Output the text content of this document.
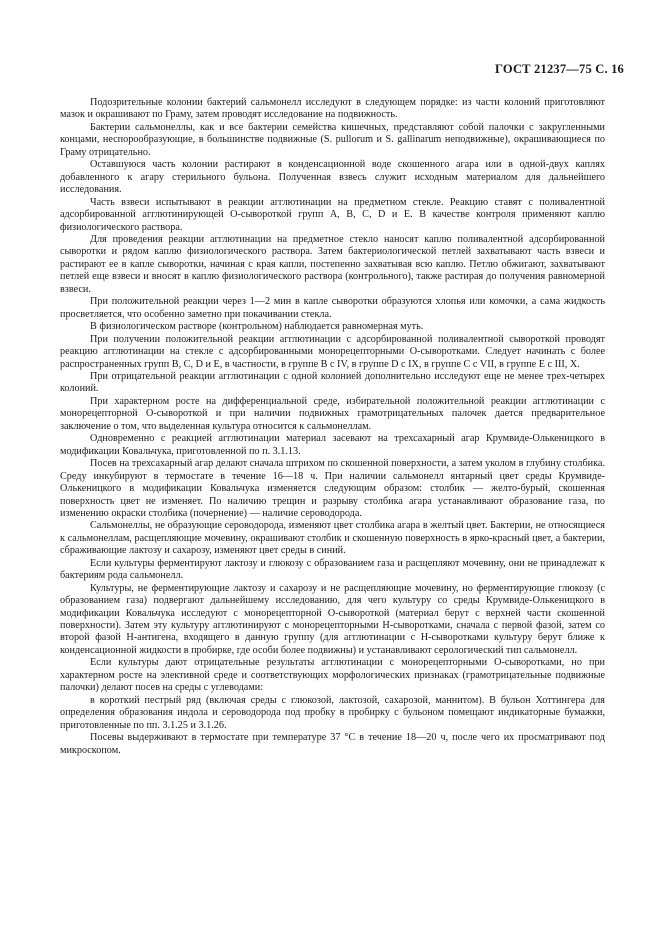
ГОСТ 21237—75 С. 16

Подозрительные колонии бактерий сальмонелл исследуют в следующем порядке: из части колоний приготовляют мазок и окрашивают по Граму, затем проводят исследование на подвижность.

Бактерии сальмонеллы, как и все бактерии семейства кишечных, представляют собой палочки с закругленными концами, неспорообразующие, в большинстве подвижные (S. pullorum и S. gallinarum неподвижные), окрашивающиеся по Граму отрицательно.

Оставшуюся часть колонии растирают в конденсационной воде скошенного агара или в одной-двух каплях добавленного к агару стерильного бульона. Полученная взвесь служит исходным материалом для дальнейшего исследования.

Часть взвеси испытывают в реакции агглютинации на предметном стекле. Реакцию ставят с поливалентной адсорбированной агглютинирующей О-сывороткой групп А, В, С, D и Е. В качестве контроля применяют каплю физиологического раствора.

Для проведения реакции агглютинации на предметное стекло наносят каплю поливалентной адсорбированной сыворотки и рядом каплю физиологического раствора. Затем бактериологической петлей захватывают часть взвеси и растирают ее в капле сыворотки, начиная с края капли, постепенно захватывая всю каплю. Петлю обжигают, захватывают петлей еще взвеси и вносят в каплю физиологического раствора (контрольного), также растирая до получения равномерной взвеси.

При положительной реакции через 1—2 мин в капле сыворотки образуются хлопья или комочки, а сама жидкость просветляется, что особенно заметно при покачивании стекла.

В физиологическом растворе (контрольном) наблюдается равномерная муть.

При получении положительной реакции агглютинации с адсорбированной поливалентной сывороткой проводят реакцию агглютинации на стекле с адсорбированными монорецепторными О-сыворотками. Следует начинать с более распространенных групп В, С, D и Е, в частности, в группе В с IV, в группе D с IX, в группе С с VII, в группе Е с III, X.

При отрицательной реакции агглютинации с одной колонией дополнительно исследуют еще не менее трех-четырех колоний.

При характерном росте на дифференциальной среде, избирательной положительной реакции агглютинации с монорецепторной О-сывороткой и при наличии подвижных грамотрицательных палочек дается предварительное заключение о том, что выделенная культура относится к сальмонеллам.

Одновременно с реакцией агглютинации материал засевают на трехсахарный агар Крумвиде-Олькеницкого в модификации Ковальчука, приготовленной по п. 3.1.13.

Посев на трехсахарный агар делают сначала штрихом по скошенной поверхности, а затем уколом в глубину столбика. Среду инкубируют в термостате в течение 16—18 ч. При наличии сальмонелл янтарный цвет среды Крумвиде-Олькеницкого в модификации Ковальчука изменяется следующим образом: столбик — желто-бурый, скошенная поверхность цвет не изменяет. По наличию трещин и разрыву столбика агара устанавливают образование газа, по изменению окраски столбика (почернение) — наличие сероводорода.

Сальмонеллы, не образующие сероводорода, изменяют цвет столбика агара в желтый цвет. Бактерии, не относящиеся к сальмонеллам, расщепляющие мочевину, окрашивают столбик и скошенную поверхность в ярко-красный цвет, а бактерии, сбраживающие лактозу и сахарозу, изменяют цвет среды в синий.

Если культуры ферментируют лактозу и глюкозу с образованием газа и расщепляют мочевину, они не принадлежат к бактериям рода сальмонелл.

Культуры, не ферментирующие лактозу и сахарозу и не расщепляющие мочевину, но ферментирующие глюкозу (с образованием газа) подвергают дальнейшему исследованию, для чего культуру со среды Крумвиде-Олькеницкого в модификации Ковальчука исследуют с монорецепторной О-сывороткой (материал берут с верхней части скошенной поверхности). Затем эту культуру агглютинируют с монорецепторными Н-сыворотками, сначала с первой фазой, затем со второй фазой Н-антигена, входящего в данную группу (для агглютинации с Н-сыворотками культуру берут ближе к конденсационной жидкости в пробирке, где особи более подвижны) и устанавливают серологический тип сальмонелл.

Если культуры дают отрицательные результаты агглютинации с монорецепторными О-сыворотками, но при характерном росте на элективной среде и соответствующих морфологических признаках (грамотрицательные подвижные палочки) делают посев на среды с углеводами:

в короткий пестрый ряд (включая среды с глюкозой, лактозой, сахарозой, маннитом). В бульон Хоттингера для определения образования индола и сероводорода под пробку в пробирку с бульоном помещают индикаторные бумажки, приготовленные по пп. 3.1.25 и 3.1.26.

Посевы выдерживают в термостате при температуре 37 °С в течение 18—20 ч, после чего их просматривают под микроскопом.
